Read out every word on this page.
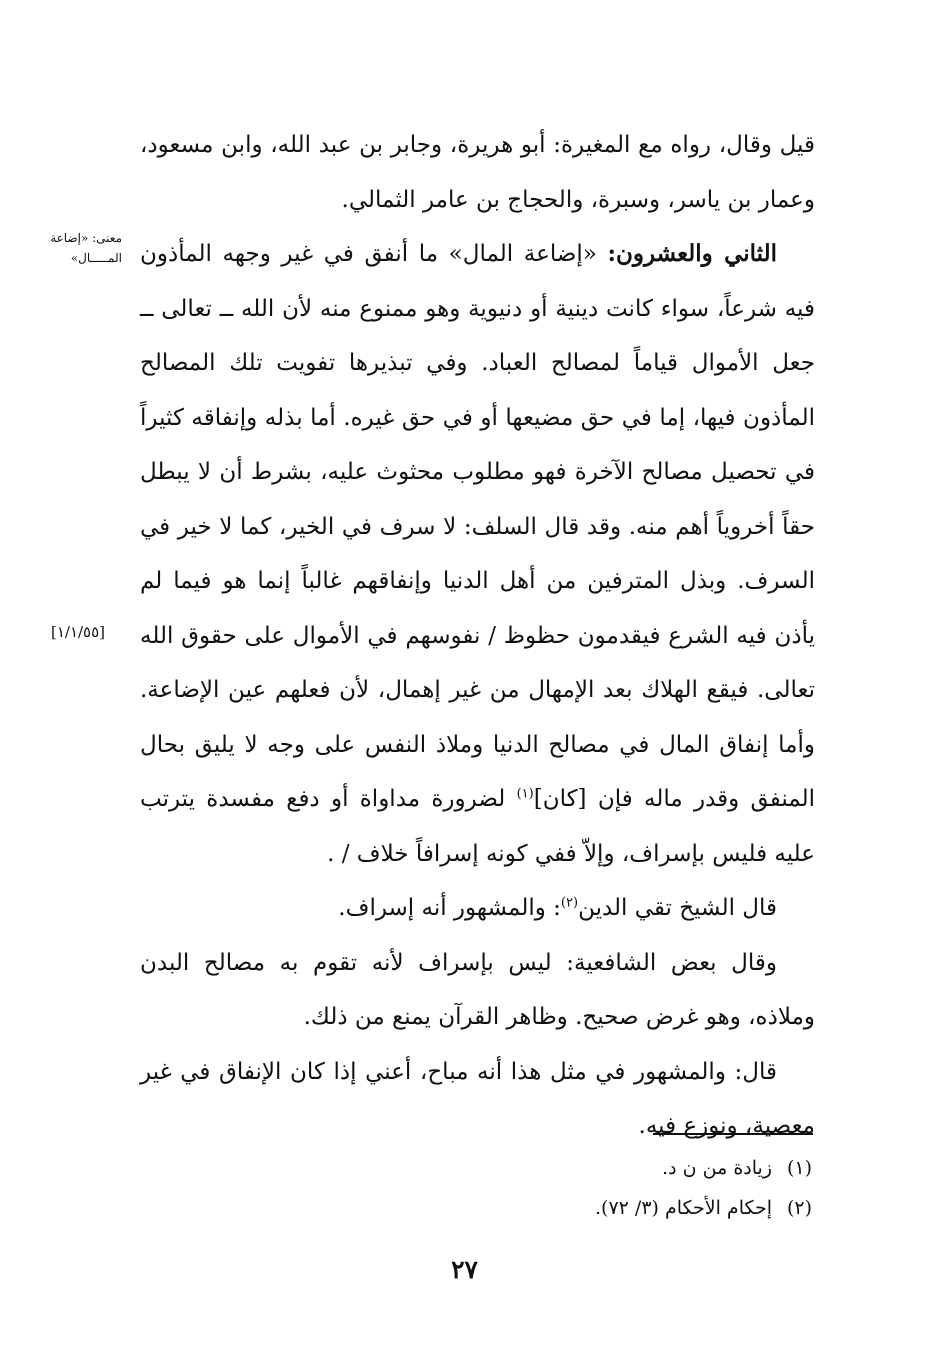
قيل وقال، رواه مع المغيرة: أبو هريرة، وجابر بن عبد الله، وابن مسعود، وعمار بن ياسر، وسبرة، والحجاج بن عامر الثمالي.

الثاني والعشرون: «إضاعة المال» ما أنفق في غير وجهه المأذون فيه شرعاً، سواء كانت دينية أو دنيوية وهو ممنوع منه لأن الله ــ تعالى ــ جعل الأموال قياماً لمصالح العباد. وفي تبذيرها تفويت تلك المصالح المأذون فيها، إما في حق مضيعها أو في حق غيره. أما بذله وإنفاقه كثيراً في تحصيل مصالح الآخرة فهو مطلوب محثوث عليه، بشرط أن لا يبطل حقاً أخروياً أهم منه. وقد قال السلف: لا سرف في الخير، كما لا خير في السرف. وبذل المترفين من أهل الدنيا وإنفاقهم غالباً إنما هو فيما لم يأذن فيه الشرع فيقدمون حظوظ / نفوسهم في الأموال على حقوق الله تعالى. فيقع الهلاك بعد الإمهال من غير إهمال، لأن فعلهم عين الإضاعة. وأما إنفاق المال في مصالح الدنيا وملاذ النفس على وجه لا يليق بحال المنفق وقدر ماله فإن [كان]$^{(١)}$ لضرورة مداواة أو دفع مفسدة يترتب عليه فليس بإسراف، وإلاّ ففي كونه إسرافاً خلاف / .

قال الشيخ تقي الدين$^{(٢)}$: والمشهور أنه إسراف.

وقال بعض الشافعية: ليس بإسراف لأنه تقوم به مصالح البدن وملاذه، وهو غرض صحيح. وظاهر القرآن يمنع من ذلك.

قال: والمشهور في مثل هذا أنه مباح، أعني إذا كان الإنفاق في غير معصية، ونوزع فيه.

معنى: «إضاعة المـــــال»
[١/١/٥٥]

(١)زيادة من ن د.

(٢)إحكام الأحكام (٣/ ٧٢).

٢٧
